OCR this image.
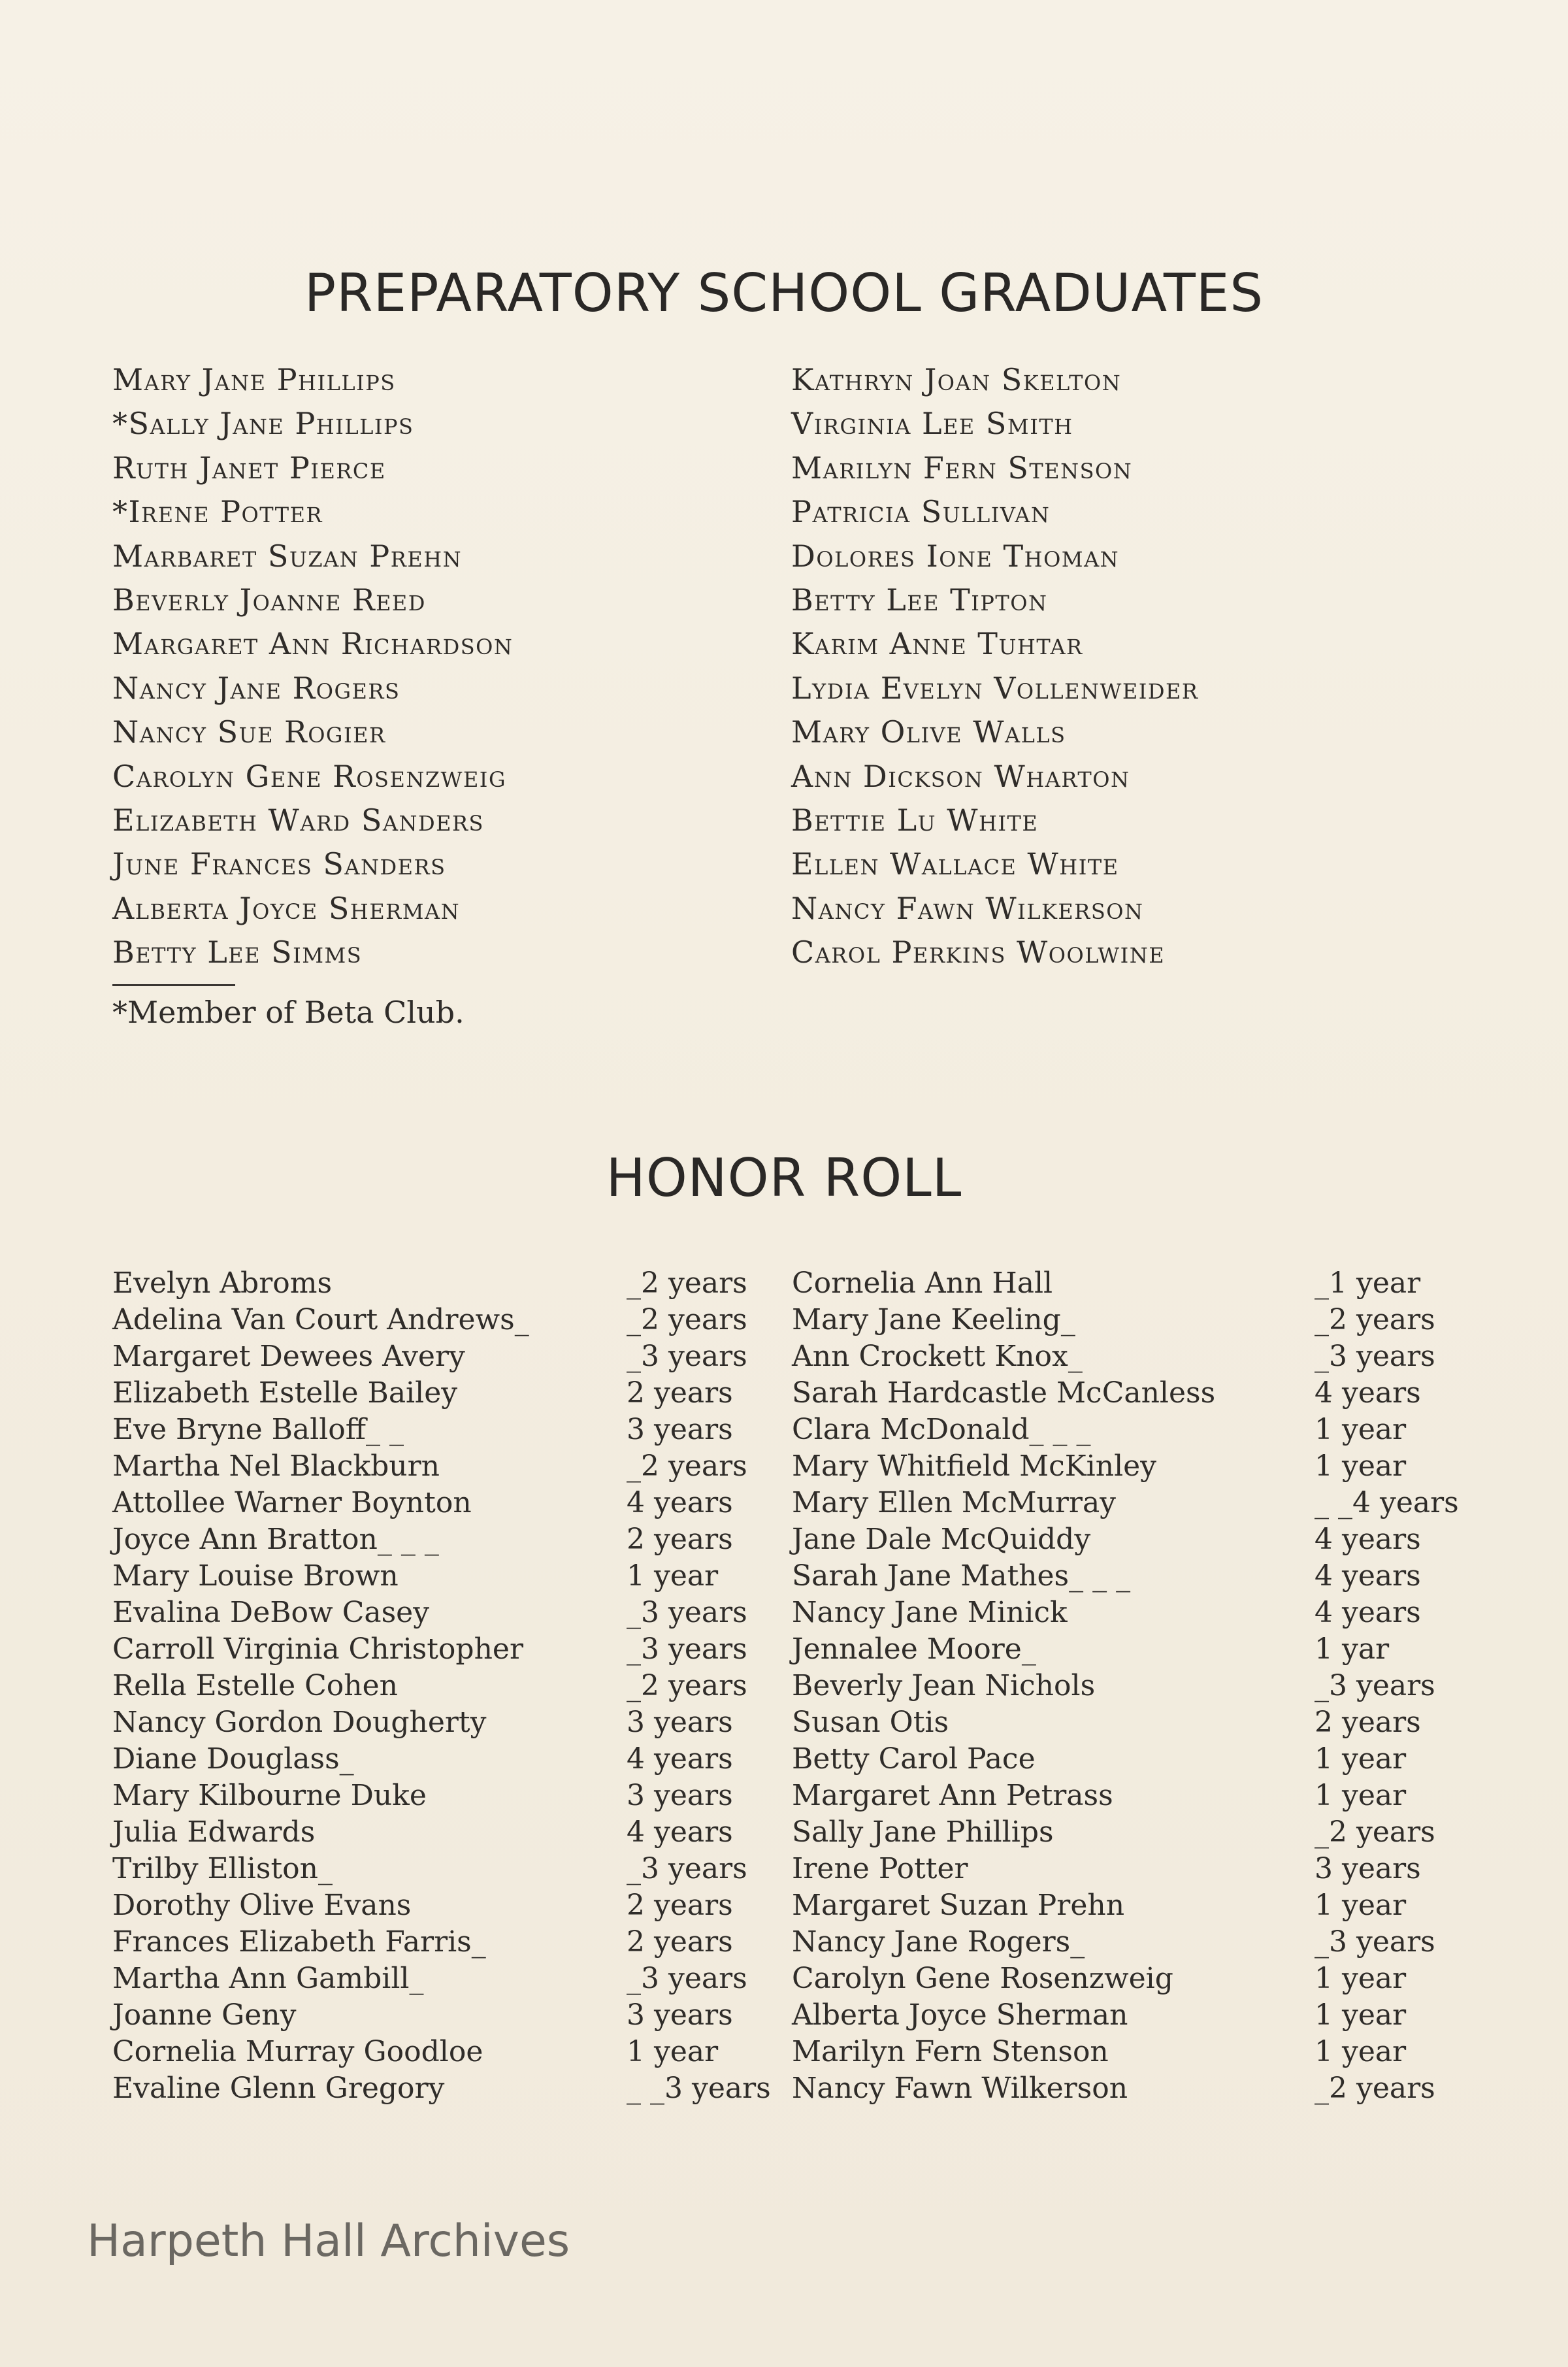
PREPARATORY SCHOOL GRADUATES
Mary Jane Phillips
*Sally Jane Phillips
Ruth Janet Pierce
*Irene Potter
Marbaret Suzan Prehn
Beverly Joanne Reed
Margaret Ann Richardson
Nancy Jane Rogers
Nancy Sue Rogier
Carolyn Gene Rosenzweig
Elizabeth Ward Sanders
June Frances Sanders
Alberta Joyce Sherman
Betty Lee Simms
Kathryn Joan Skelton
Virginia Lee Smith
Marilyn Fern Stenson
Patricia Sullivan
Dolores Ione Thoman
Betty Lee Tipton
Karim Anne Tuhtar
Lydia Evelyn Vollenweider
Mary Olive Walls
Ann Dickson Wharton
Bettie Lu White
Ellen Wallace White
Nancy Fawn Wilkerson
Carol Perkins Woolwine
*Member of Beta Club.
HONOR ROLL
Evelyn Abroms	_2 years
Adelina Van Court Andrews_	_2 years
Margaret Dewees Avery	_3 years
Elizabeth Estelle Bailey	2 years
Eve Bryne Balloff_ _	3 years
Martha Nel Blackburn	_2 years
Attollee Warner Boynton	4 years
Joyce Ann Bratton_ _ _	2 years
Mary Louise Brown	1 year
Evalina DeBow Casey	_3 years
Carroll Virginia Christopher	_3 years
Rella Estelle Cohen	_2 years
Nancy Gordon Dougherty	3 years
Diane Douglass_	4 years
Mary Kilbourne Duke	3 years
Julia Edwards	4 years
Trilby Elliston_	_3 years
Dorothy Olive Evans	2 years
Frances Elizabeth Farris_	2 years
Martha Ann Gambill_	_3 years
Joanne Geny	3 years
Cornelia Murray Goodloe	1 year
Evaline Glenn Gregory	_ _3 years
Cornelia Ann Hall	_1 year
Mary Jane Keeling_	_2 years
Ann Crockett Knox_	_3 years
Sarah Hardcastle McCanless	4 years
Clara McDonald_ _ _	1 year
Mary Whitfield McKinley	1 year
Mary Ellen McMurray	_ _4 years
Jane Dale McQuiddy	4 years
Sarah Jane Mathes_ _ _	4 years
Nancy Jane Minick	4 years
Jennalee Moore_	1 yar
Beverly Jean Nichols	_3 years
Susan Otis	2 years
Betty Carol Pace	1 year
Margaret Ann Petrass	1 year
Sally Jane Phillips	_2 years
Irene Potter	3 years
Margaret Suzan Prehn	1 year
Nancy Jane Rogers_	_3 years
Carolyn Gene Rosenzweig	1 year
Alberta Joyce Sherman	1 year
Marilyn Fern Stenson	1 year
Nancy Fawn Wilkerson	_2 years
Harpeth Hall Archives
